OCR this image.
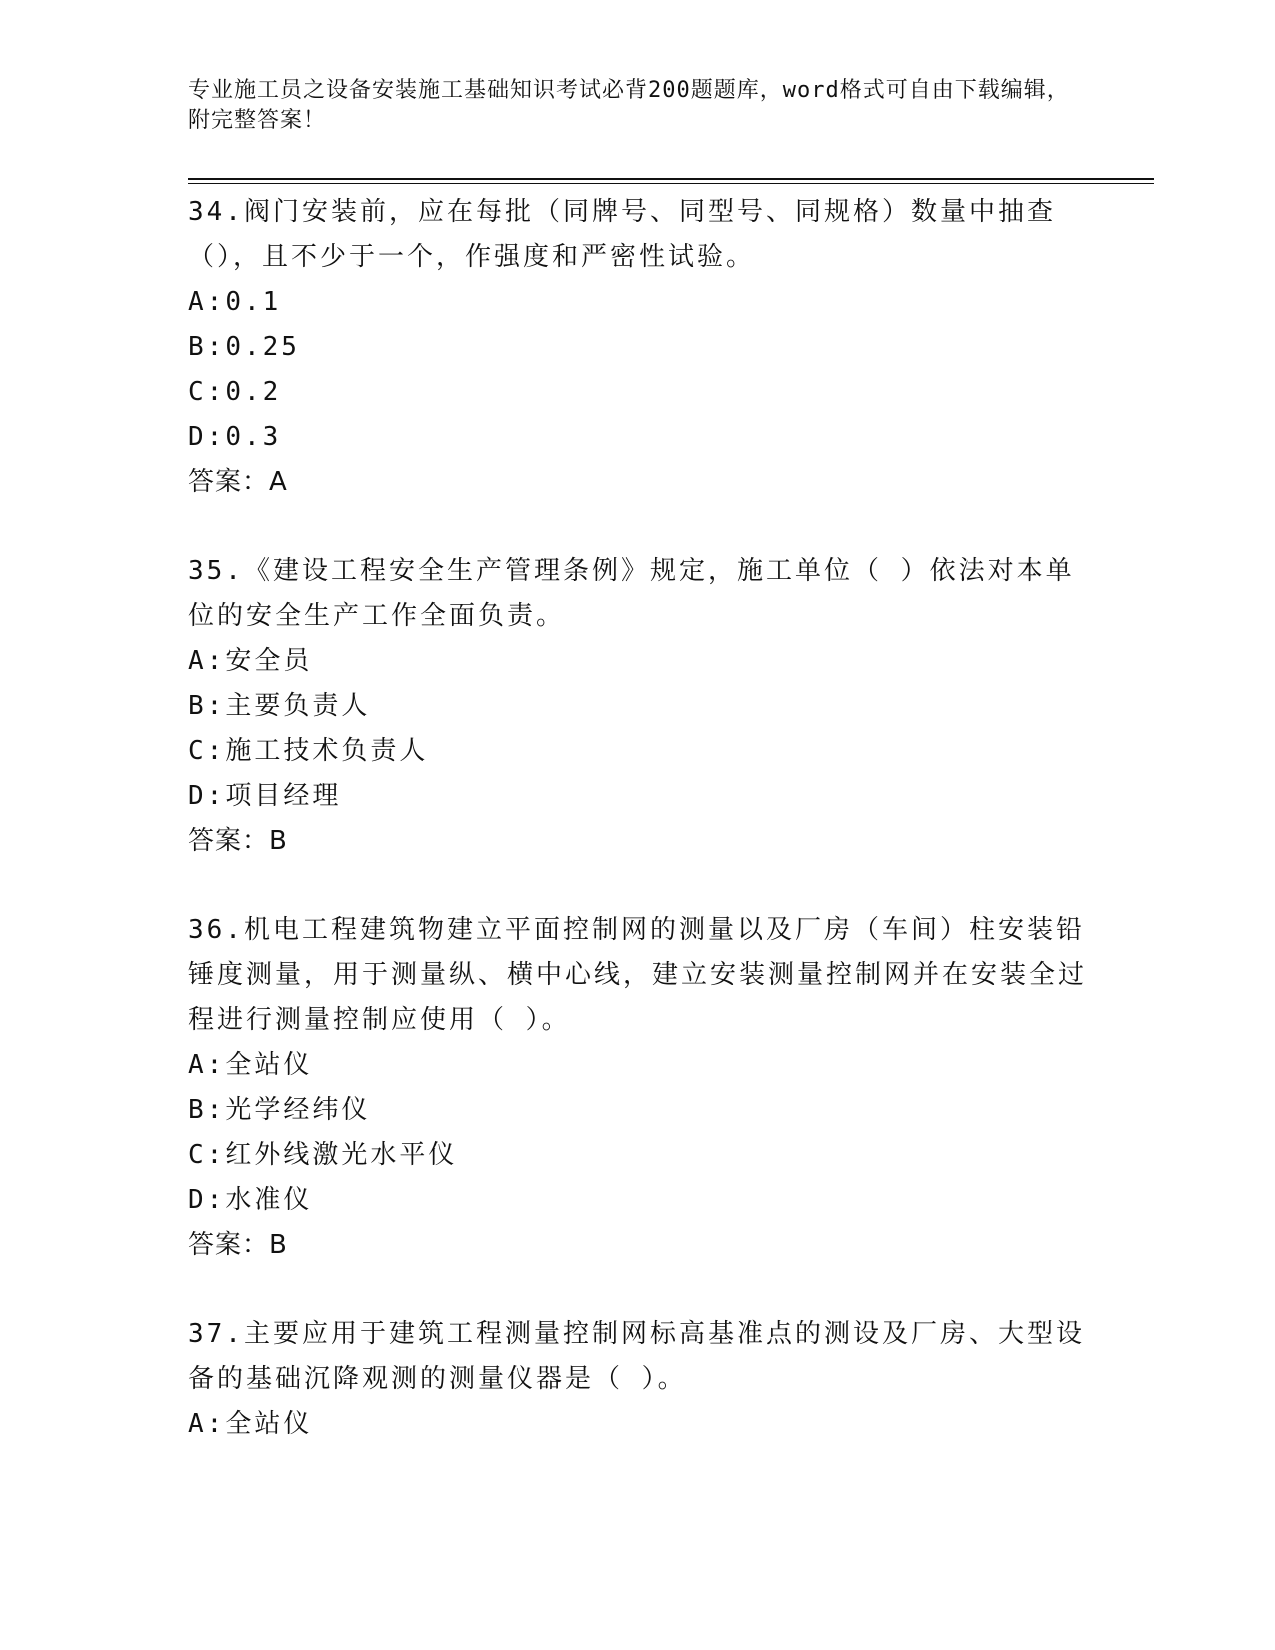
专业施工员之设备安装施工基础知识考试必背200题题库，word格式可自由下载编辑，附完整答案！
34.阀门安装前，应在每批（同牌号、同型号、同规格）数量中抽查（），且不少于一个，作强度和严密性试验。
A:0.1
B:0.25
C:0.2
D:0.3
答案：A
35.《建设工程安全生产管理条例》规定，施工单位（ ）依法对本单位的安全生产工作全面负责。
A:安全员
B:主要负责人
C:施工技术负责人
D:项目经理
答案：B
36.机电工程建筑物建立平面控制网的测量以及厂房（车间）柱安装铅锤度测量，用于测量纵、横中心线，建立安装测量控制网并在安装全过程进行测量控制应使用（ ）。
A:全站仪
B:光学经纬仪
C:红外线激光水平仪
D:水准仪
答案：B
37.主要应用于建筑工程测量控制网标高基准点的测设及厂房、大型设备的基础沉降观测的测量仪器是（ ）。
A:全站仪
